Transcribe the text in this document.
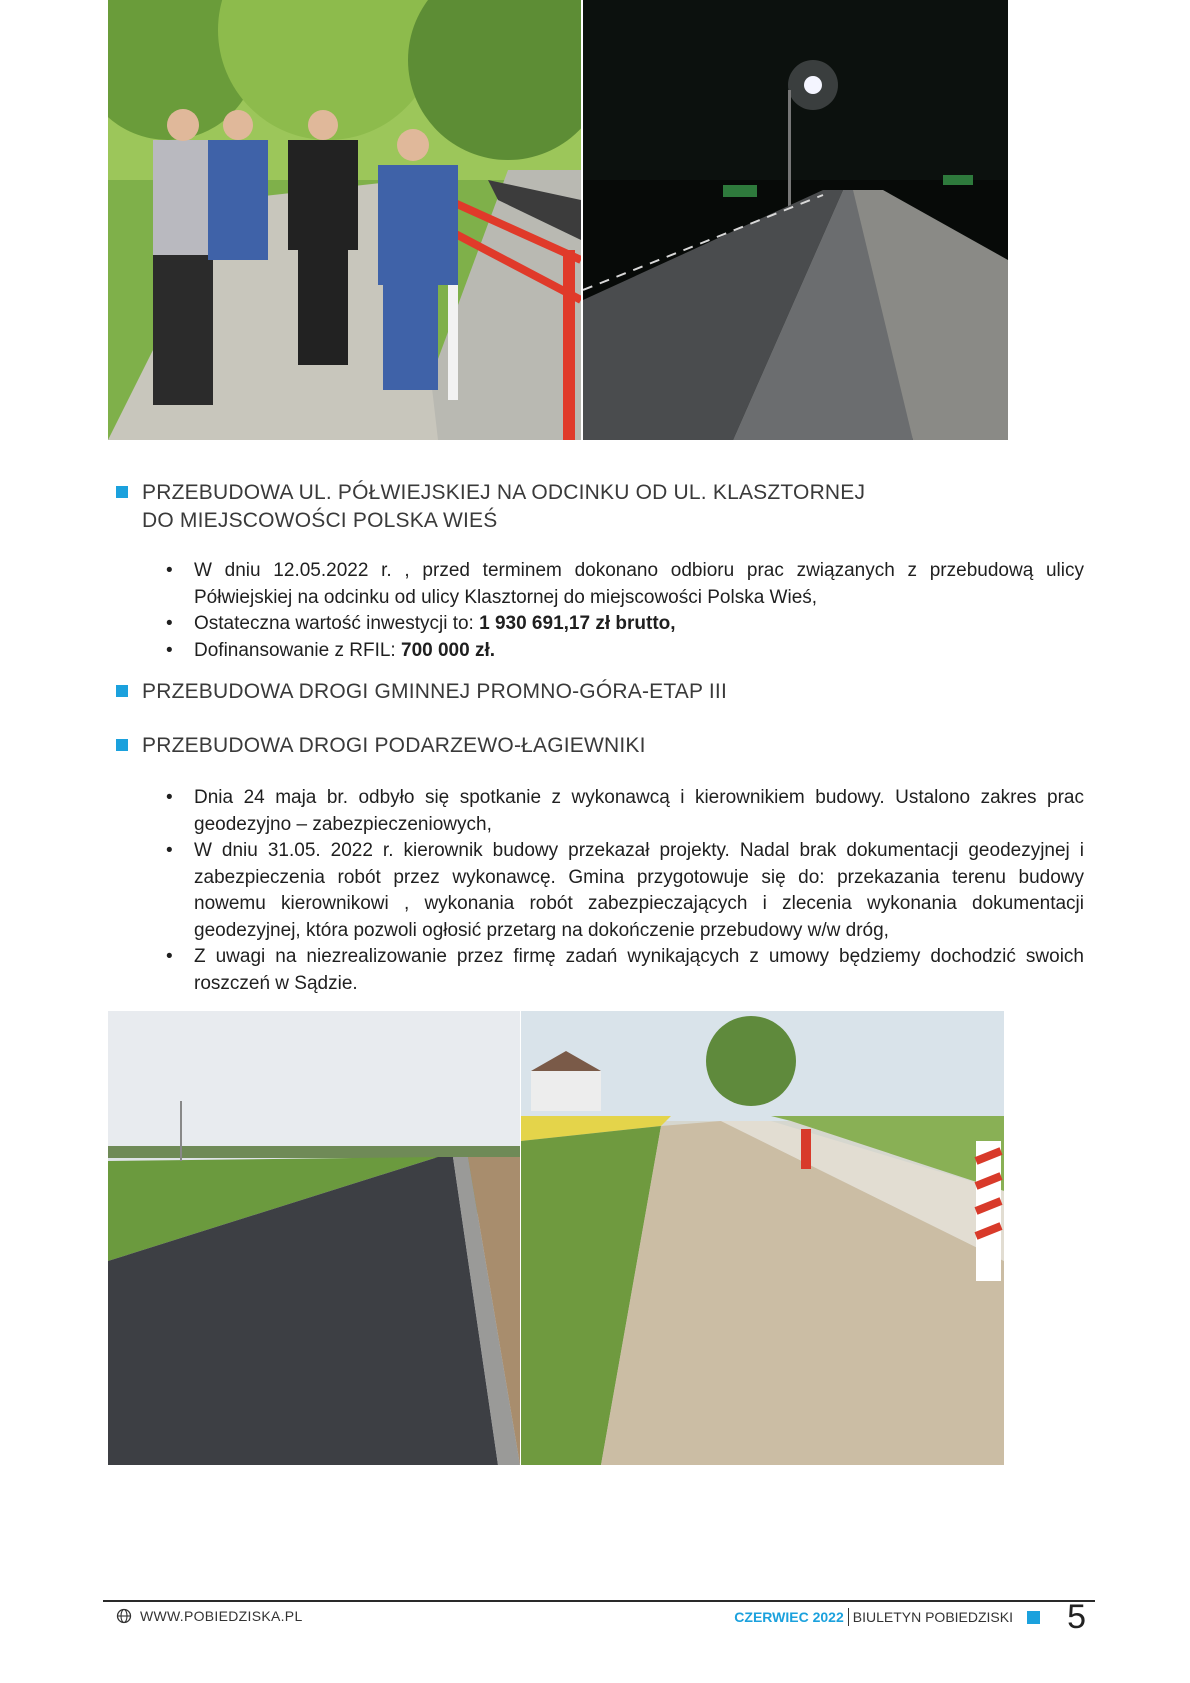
PRZEBUDOWA UL. PÓŁWIEJSKIEJ NA ODCINKU OD UL. KLASZTORNEJ
DO MIEJSCOWOŚCI POLSKA WIEŚ
• W dniu 12.05.2022 r. , przed terminem dokonano odbioru prac związanych z przebudową ulicy Półwiejskiej na odcinku od ulicy Klasztornej do miejscowości Polska Wieś,
• Ostateczna wartość inwestycji to: 1 930 691,17 zł brutto,
• Dofinansowanie z RFIL: 700 000 zł.
PRZEBUDOWA DROGI GMINNEJ PROMNO-GÓRA-ETAP III
PRZEBUDOWA DROGI PODARZEWO-ŁAGIEWNIKI
• Dnia 24 maja br. odbyło się spotkanie z wykonawcą i kierownikiem budowy. Ustalono zakres prac geodezyjno – zabezpieczeniowych,
• W dniu 31.05. 2022 r. kierownik budowy przekazał projekty. Nadal brak dokumentacji geodezyjnej i zabezpieczenia robót przez wykonawcę. Gmina przygotowuje się do: przekazania terenu budowy nowemu kierownikowi , wykonania robót zabezpieczających i zlecenia wykonania dokumentacji geodezyjnej, która pozwoli ogłosić przetarg na dokończenie przebudowy w/w dróg,
• Z uwagi na niezrealizowanie przez firmę zadań wynikających z umowy będziemy dochodzić swoich roszczeń w Sądzie.
WWW.POBIEDZISKA.PL	CZERWIEC 2022 BIULETYN POBIEDZISKI 5
